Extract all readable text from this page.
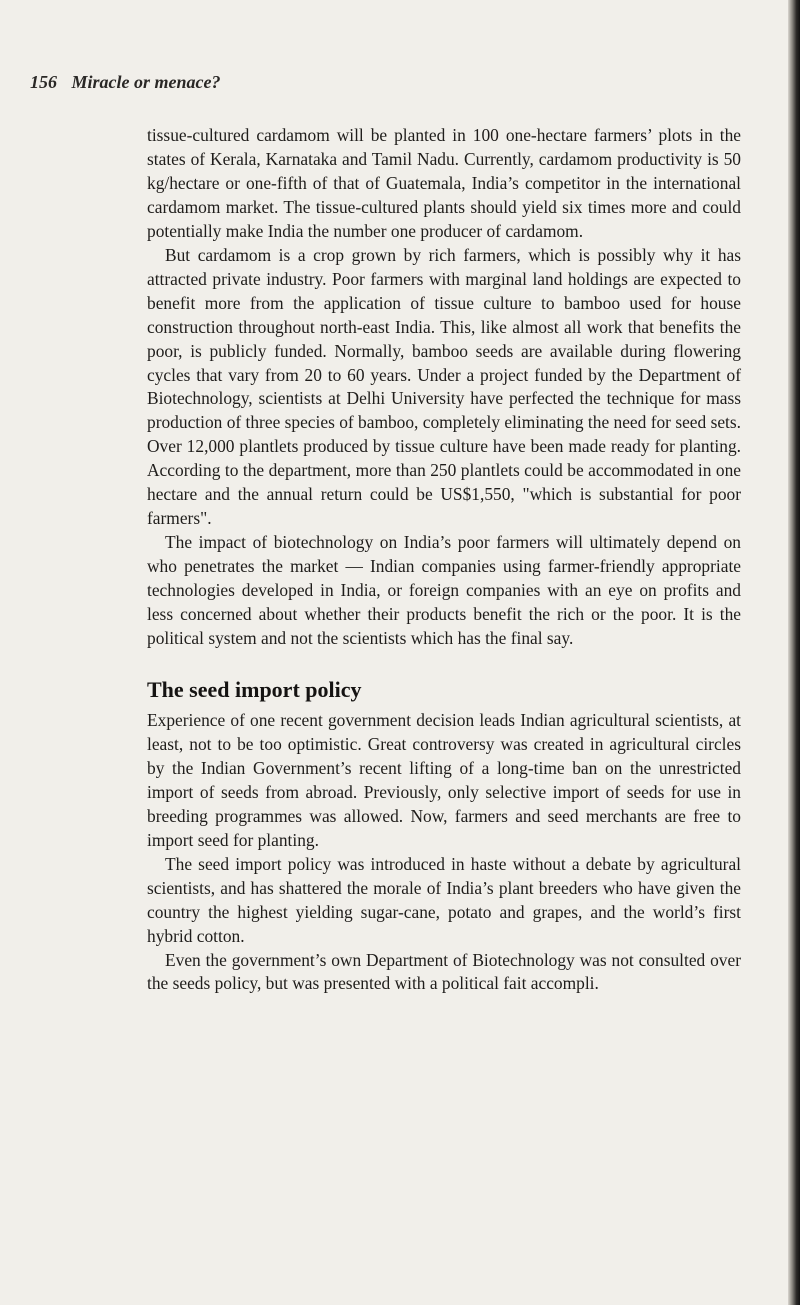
156 Miracle or menace?

tissue-cultured cardamom will be planted in 100 one-hectare farmers’ plots in the states of Kerala, Karnataka and Tamil Nadu. Currently, cardamom productivity is 50 kg/hectare or one-fifth of that of Guatemala, India’s competitor in the international cardamom market. The tissue-cultured plants should yield six times more and could potentially make India the number one producer of cardamom.

But cardamom is a crop grown by rich farmers, which is possibly why it has attracted private industry. Poor farmers with marginal land holdings are expected to benefit more from the application of tissue culture to bamboo used for house construction throughout north-east India. This, like almost all work that benefits the poor, is publicly funded. Normally, bamboo seeds are available during flowering cycles that vary from 20 to 60 years. Under a project funded by the Department of Biotechnology, scientists at Delhi University have perfected the technique for mass production of three species of bamboo, completely eliminating the need for seed sets. Over 12,000 plantlets produced by tissue culture have been made ready for planting. According to the department, more than 250 plantlets could be accommodated in one hectare and the annual return could be US$1,550, "which is substantial for poor farmers".

The impact of biotechnology on India’s poor farmers will ultimately depend on who penetrates the market — Indian companies using farmer-friendly appropriate technologies developed in India, or foreign companies with an eye on profits and less concerned about whether their products benefit the rich or the poor. It is the political system and not the scientists which has the final say.

The seed import policy

Experience of one recent government decision leads Indian agricultural scientists, at least, not to be too optimistic. Great controversy was created in agricultural circles by the Indian Government’s recent lifting of a long-time ban on the unrestricted import of seeds from abroad. Previously, only selective import of seeds for use in breeding programmes was allowed. Now, farmers and seed merchants are free to import seed for planting.

The seed import policy was introduced in haste without a debate by agricultural scientists, and has shattered the morale of India’s plant breeders who have given the country the highest yielding sugar-cane, potato and grapes, and the world’s first hybrid cotton.

Even the government’s own Department of Biotechnology was not consulted over the seeds policy, but was presented with a political fait accompli.
